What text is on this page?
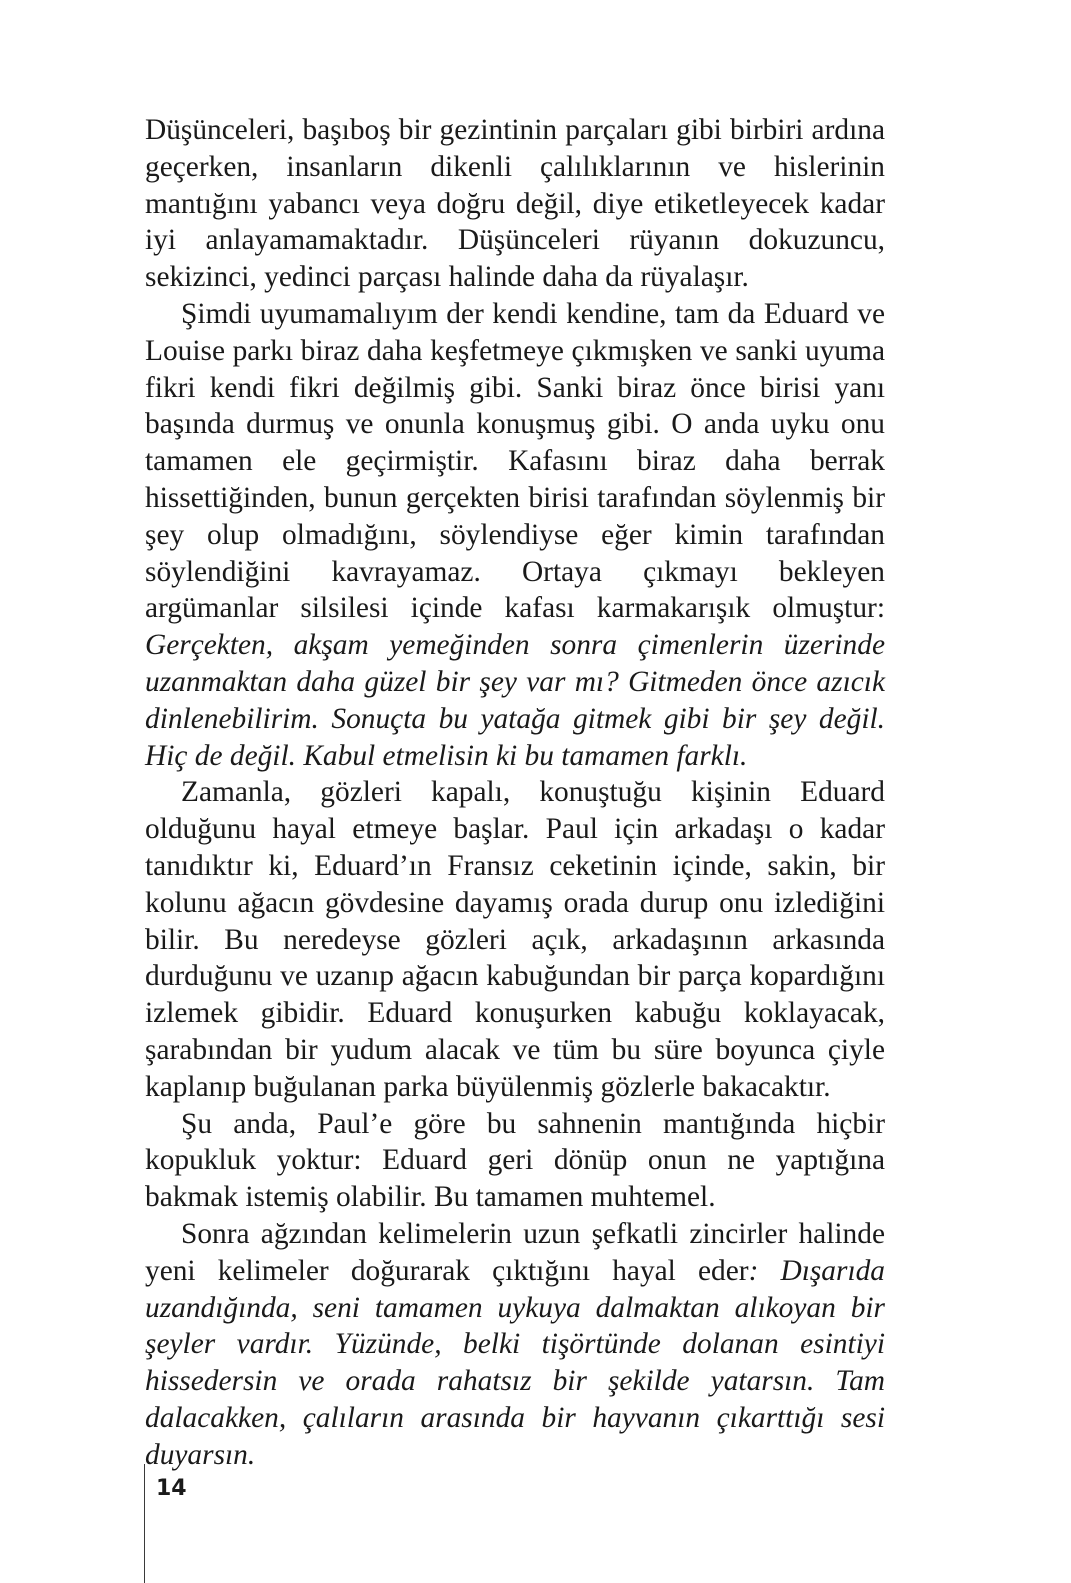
Düşünceleri, başıboş bir gezintinin parçaları gibi birbiri ardına geçerken, insanların dikenli çalılıklarının ve hislerinin mantığını yabancı veya doğru değil, diye etiketleyecek kadar iyi anlayamamaktadır. Düşünceleri rüyanın dokuzuncu, sekizinci, yedinci parçası halinde daha da rüyalaşır.

Şimdi uyumamalıyım der kendi kendine, tam da Eduard ve Louise parkı biraz daha keşfetmeye çıkmışken ve sanki uyuma fikri kendi fikri değilmiş gibi. Sanki biraz önce birisi yanı başında durmuş ve onunla konuşmuş gibi. O anda uyku onu tamamen ele geçirmiştir. Kafasını biraz daha berrak hissettiğinden, bunun gerçekten birisi tarafından söylenmiş bir şey olup olmadığını, söylendiyse eğer kimin tarafından söylendiğini kavrayamaz. Ortaya çıkmayı bekleyen argümanlar silsilesi içinde kafası karmakarışık olmuştur: Gerçekten, akşam yemeğinden sonra çimenlerin üzerinde uzanmaktan daha güzel bir şey var mı? Gitmeden önce azıcık dinlenebilirim. Sonuçta bu yatağa gitmek gibi bir şey değil. Hiç de değil. Kabul etmelisin ki bu tamamen farklı.

Zamanla, gözleri kapalı, konuştuğu kişinin Eduard olduğunu hayal etmeye başlar. Paul için arkadaşı o kadar tanıdıktır ki, Eduard’ın Fransız ceketinin içinde, sakin, bir kolunu ağacın gövdesine dayamış orada durup onu izlediğini bilir. Bu neredeyse gözleri açık, arkadaşının arkasında durduğunu ve uzanıp ağacın kabuğundan bir parça kopardığını izlemek gibidir. Eduard konuşurken kabuğu koklayacak, şarabından bir yudum alacak ve tüm bu süre boyunca çiyle kaplanıp buğulanan parka büyülenmiş gözlerle bakacaktır.

Şu anda, Paul’e göre bu sahnenin mantığında hiçbir kopukluk yoktur: Eduard geri dönüp onun ne yaptığına bakmak istemiş olabilir. Bu tamamen muhtemel.

Sonra ağzından kelimelerin uzun şefkatli zincirler halinde yeni kelimeler doğurarak çıktığını hayal eder: Dışarıda uzandığında, seni tamamen uykuya dalmaktan alıkoyan bir şeyler vardır. Yüzünde, belki tişörtünde dolanan esintiyi hissedersin ve orada rahatsız bir şekilde yatarsın. Tam dalacakken, çalıların arasında bir hayvanın çıkarttığı sesi duyarsın.

14
